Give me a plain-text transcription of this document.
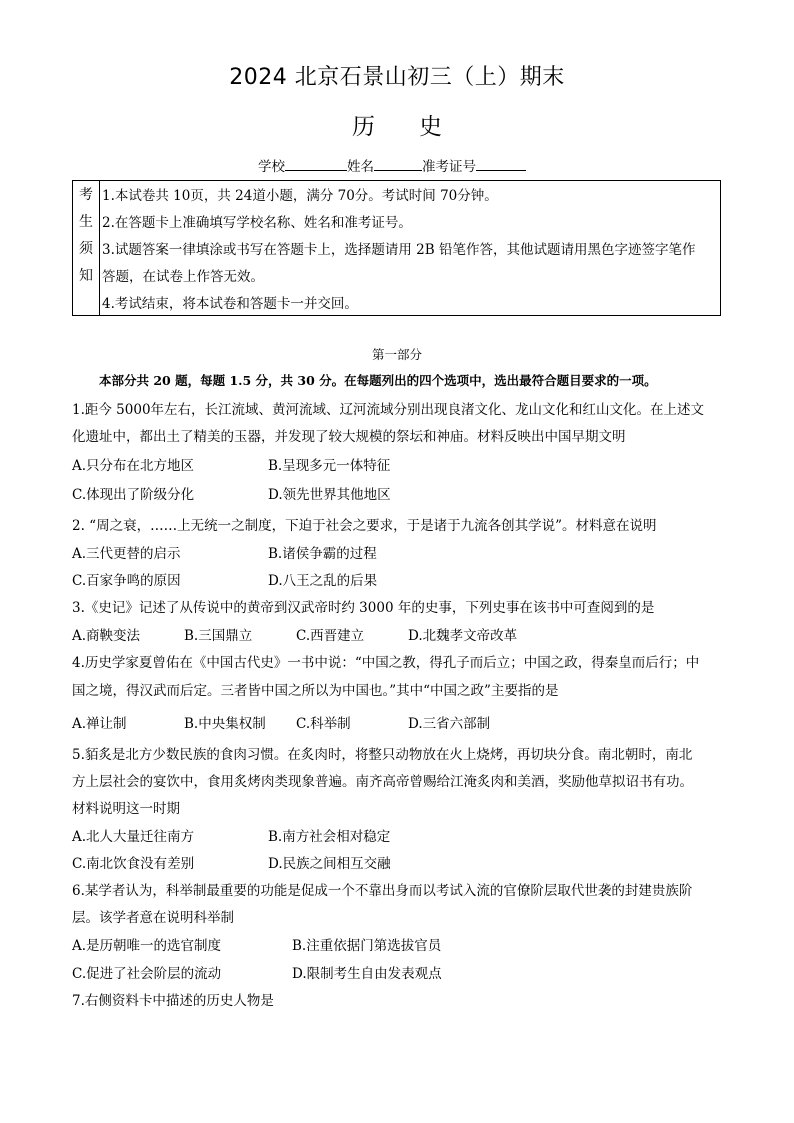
2024 北京石景山初三（上）期末
历 史
学校	姓名	准考证号
考
生
须
知
1.本试卷共 10页，共 24道小题，满分 70分。考试时间 70分钟。
2.在答题卡上准确填写学校名称、姓名和准考证号。
3.试题答案一律填涂或书写在答题卡上，选择题请用 2B 铅笔作答，其他试题请用黑色字迹签字笔作
答题，在试卷上作答无效。
4.考试结束，将本试卷和答题卡一并交回。
第一部分
本部分共 20 题，每题 1.5 分，共 30 分。在每题列出的四个选项中，选出最符合题目要求的一项。
1.距今 5000年左右，长江流域、黄河流域、辽河流域分别出现良渚文化、龙山文化和红山文化。在上述文
化遗址中，都出土了精美的玉器，并发现了较大规模的祭坛和神庙。材料反映出中国早期文明
A.只分布在北方地区	B.呈现多元一体特征
C.体现出了阶级分化	D.领先世界其他地区
2. “周之衰，……上无统一之制度，下迫于社会之要求，于是诸于九流各创其学说”。材料意在说明
A.三代更替的启示	B.诸侯争霸的过程
C.百家争鸣的原因	D.八王之乱的后果
3.《史记》记述了从传说中的黄帝到汉武帝时约 3000 年的史事，下列史事在该书中可查阅到的是
A.商鞅变法	B.三国鼎立	C.西晋建立	D.北魏孝文帝改革
4.历史学家夏曾佑在《中国古代史》一书中说：“中国之教，得孔子而后立；中国之政，得秦皇而后行；中
国之境，得汉武而后定。三者皆中国之所以为中国也。”其中“中国之政”主要指的是
A.禅让制	B.中央集权制 C.科举制	D.三省六部制
5.貊炙是北方少数民族的食肉习惯。在炙肉时，将整只动物放在火上烧烤，再切块分食。南北朝时，南北
方上层社会的宴饮中，食用炙烤肉类现象普遍。南齐高帝曾赐给江淹炙肉和美酒，奖励他草拟诏书有功。
材料说明这一时期
A.北人大量迁往南方	B.南方社会相对稳定
C.南北饮食没有差别	D.民族之间相互交融
6.某学者认为，科举制最重要的功能是促成一个不靠出身而以考试入流的官僚阶层取代世袭的封建贵族阶
层。该学者意在说明科举制
A.是历朝唯一的选官制度	B.注重依据门第选拔官员
C.促进了社会阶层的流动	D.限制考生自由发表观点
7.右侧资料卡中描述的历史人物是
